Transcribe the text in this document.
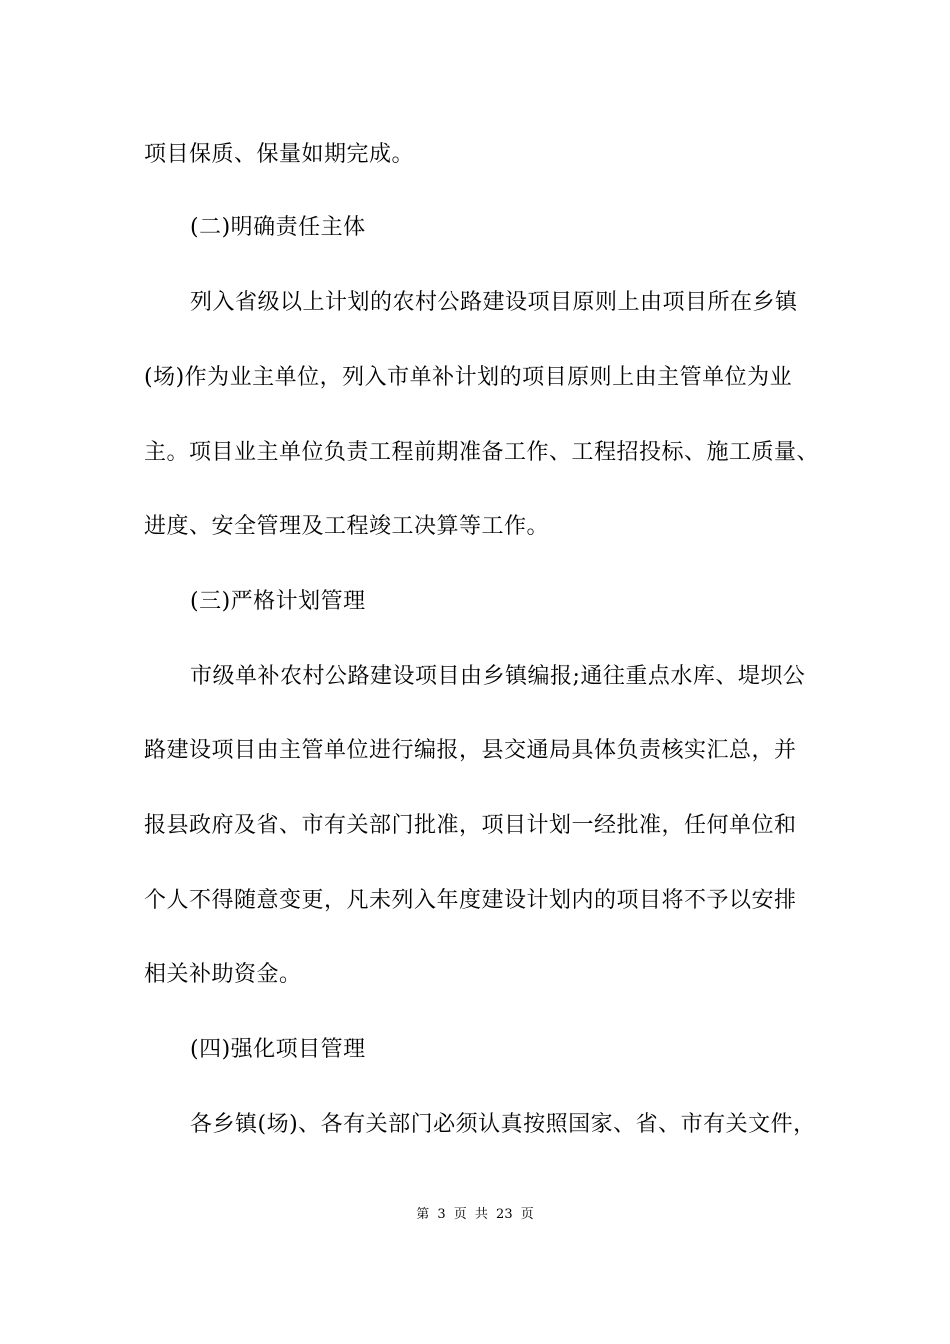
项目保质、保量如期完成。
(二)明确责任主体
列入省级以上计划的农村公路建设项目原则上由项目所在乡镇
(场)作为业主单位，列入市单补计划的项目原则上由主管单位为业
主。项目业主单位负责工程前期准备工作、工程招投标、施工质量、
进度、安全管理及工程竣工决算等工作。
(三)严格计划管理
市级单补农村公路建设项目由乡镇编报;通往重点水库、堤坝公
路建设项目由主管单位进行编报，县交通局具体负责核实汇总，并
报县政府及省、市有关部门批准，项目计划一经批准，任何单位和
个人不得随意变更，凡未列入年度建设计划内的项目将不予以安排
相关补助资金。
(四)强化项目管理
各乡镇(场)、各有关部门必须认真按照国家、省、市有关文件，
第 3 页 共 23 页
